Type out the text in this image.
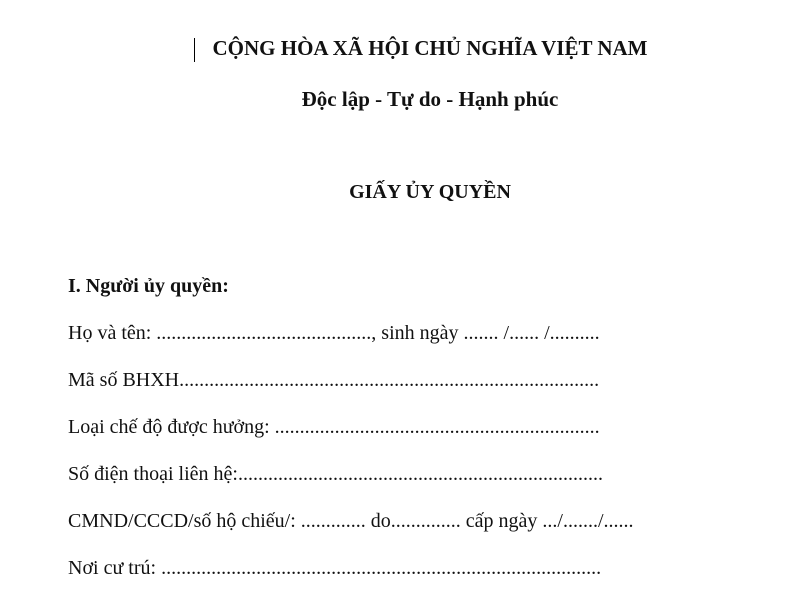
CỘNG HÒA XÃ HỘI CHỦ NGHĨA VIỆT NAM
Độc lập - Tự do - Hạnh phúc
GIẤY ỦY QUYỀN
I. Người ủy quyền:
Họ và tên: ..........................................., sinh ngày ....... /...... /..........
Mã số BHXH....................................................................................
Loại chế độ được hưởng: .................................................................
Số điện thoại liên hệ:.........................................................................
CMND/CCCD/số hộ chiếu/: ............. do.............. cấp ngày .../......./......
Nơi cư trú: ........................................................................................
